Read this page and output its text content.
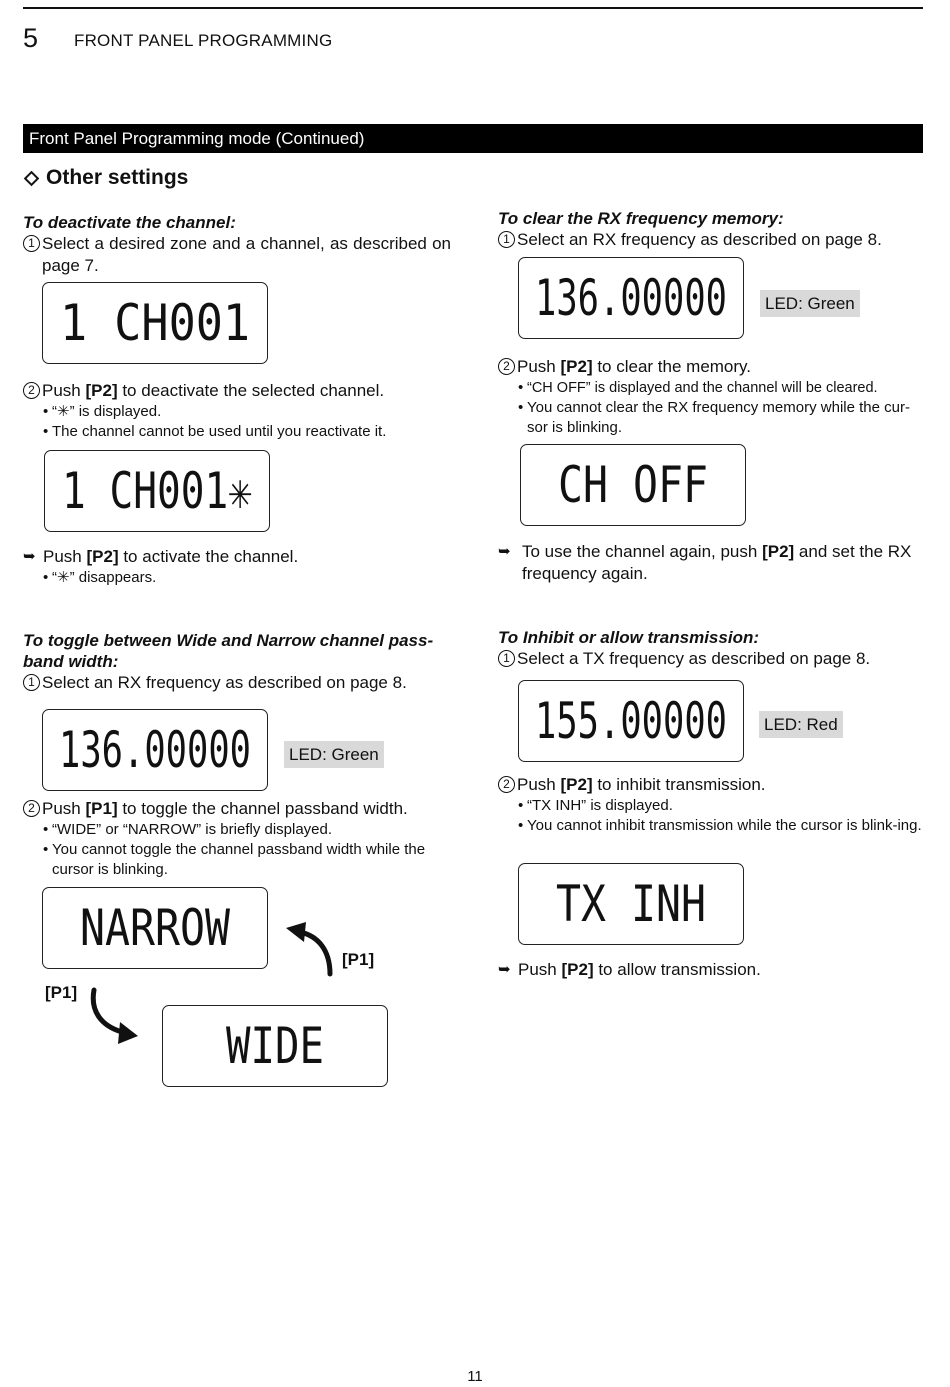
5 FRONT PANEL PROGRAMMING
Front Panel Programming mode (Continued)
Other settings
To deactivate the channel:
1 Select a desired zone and a channel, as described on page 7.
1 CH001
2 Push [P2] to deactivate the selected channel.
• “✳” is displayed.
• The channel cannot be used until you reactivate it.
1 CH001✳
➥ Push [P2] to activate the channel.
• “✳” disappears.
To toggle between Wide and Narrow channel pass-band width:
1 Select an RX frequency as described on page 8.
136.00000 LED: Green
2 Push [P1] to toggle the channel passband width.
• “WIDE” or “NARROW” is briefly displayed.
• You cannot toggle the channel passband width while the cursor is blinking.
NARROW
WIDE
[P1]
[P1]
To clear the RX frequency memory:
1 Select an RX frequency as described on page 8.
136.00000 LED: Green
2 Push [P2] to clear the memory.
• “CH OFF” is displayed and the channel will be cleared.
• You cannot clear the RX frequency memory while the cur-sor is blinking.
CH OFF
➥ To use the channel again, push [P2] and set the RX frequency again.
To Inhibit or allow transmission:
1 Select a TX frequency as described on page 8.
155.00000 LED: Red
2 Push [P2] to inhibit transmission.
• “TX INH” is displayed.
• You cannot inhibit transmission while the cursor is blink-ing.
TX INH
➥ Push [P2] to allow transmission.
11
